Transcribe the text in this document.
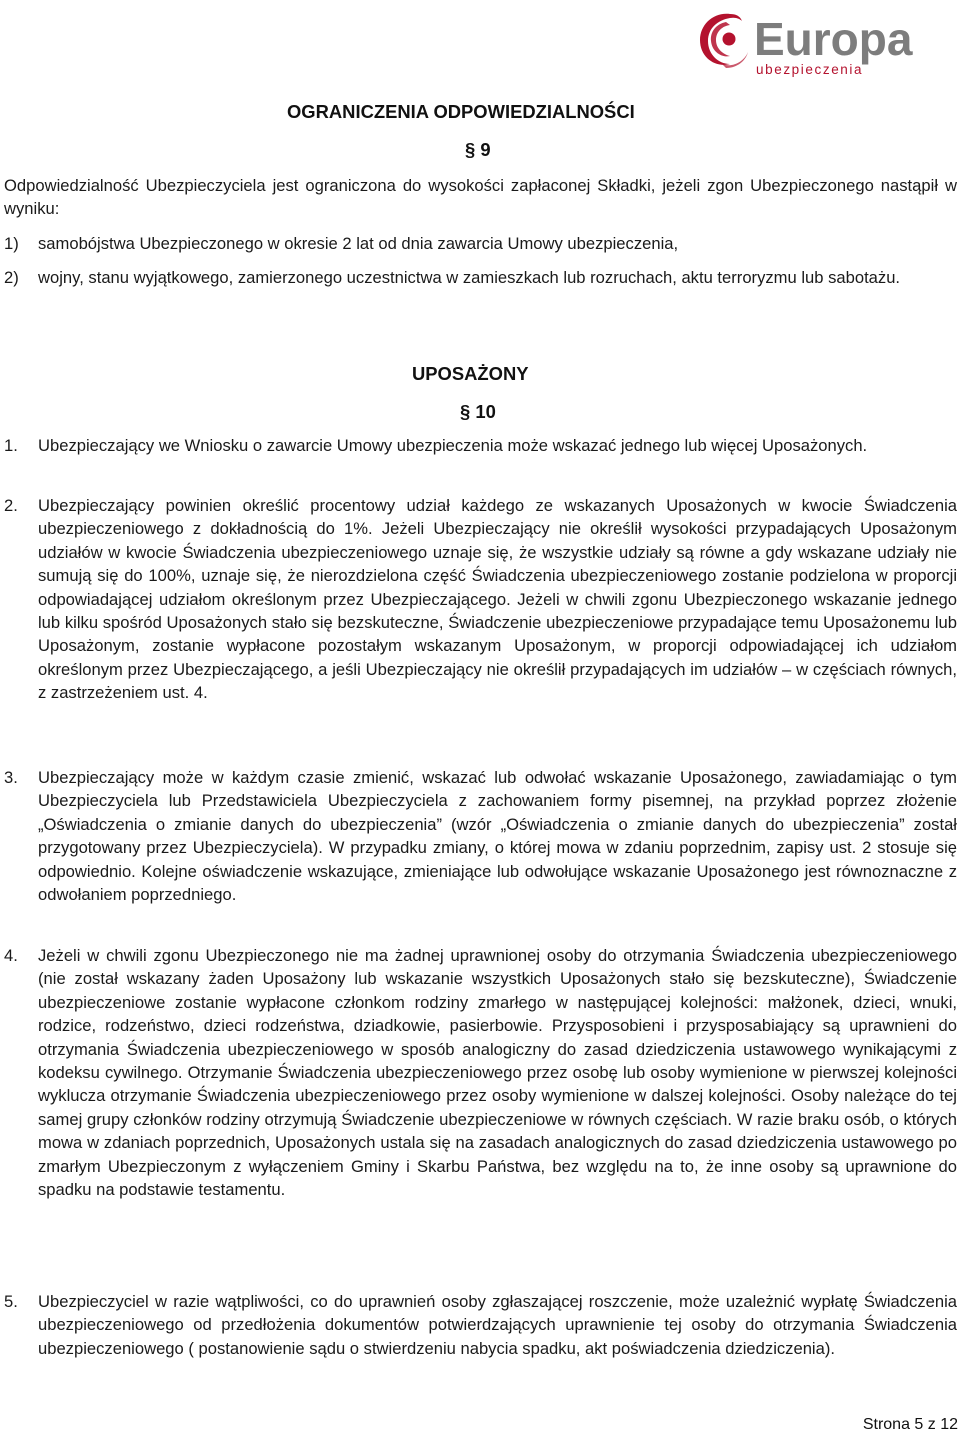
Europa
ubezpieczenia
OGRANICZENIA ODPOWIEDZIALNOŚCI
§ 9
Odpowiedzialność Ubezpieczyciela jest ograniczona do wysokości zapłaconej Składki, jeżeli zgon Ubezpieczonego nastąpił w wyniku:
1) samobójstwa Ubezpieczonego w okresie 2 lat od dnia zawarcia Umowy ubezpieczenia,
2) wojny, stanu wyjątkowego, zamierzonego uczestnictwa w zamieszkach lub rozruchach, aktu terroryzmu lub sabotażu.
UPOSAŻONY
§ 10
1. Ubezpieczający we Wniosku o zawarcie Umowy ubezpieczenia może wskazać jednego lub więcej Uposażonych.
2. Ubezpieczający powinien określić procentowy udział każdego ze wskazanych Uposażonych w kwocie Świadczenia ubezpieczeniowego z dokładnością do 1%. Jeżeli Ubezpieczający nie określił wysokości przypadających Uposażonym udziałów w kwocie Świadczenia ubezpieczeniowego uznaje się, że wszystkie udziały są równe a gdy wskazane udziały nie sumują się do 100%, uznaje się, że nierozdzielona część Świadczenia ubezpieczeniowego zostanie podzielona w proporcji odpowiadającej udziałom określonym przez Ubezpieczającego. Jeżeli w chwili zgonu Ubezpieczonego wskazanie jednego lub kilku spośród Uposażonych stało się bezskuteczne, Świadczenie ubezpieczeniowe przypadające temu Uposażonemu lub Uposażonym, zostanie wypłacone pozostałym wskazanym Uposażonym, w proporcji odpowiadającej ich udziałom określonym przez Ubezpieczającego, a jeśli Ubezpieczający nie określił przypadających im udziałów – w częściach równych, z zastrzeżeniem ust. 4.
3. Ubezpieczający może w każdym czasie zmienić, wskazać lub odwołać wskazanie Uposażonego, zawiadamiając o tym Ubezpieczyciela lub Przedstawiciela Ubezpieczyciela z zachowaniem formy pisemnej, na przykład poprzez złożenie „Oświadczenia o zmianie danych do ubezpieczenia” (wzór „Oświadczenia o zmianie danych do ubezpieczenia” został przygotowany przez Ubezpieczyciela). W przypadku zmiany, o której mowa w zdaniu poprzednim, zapisy ust. 2 stosuje się odpowiednio. Kolejne oświadczenie wskazujące, zmieniające lub odwołujące wskazanie Uposażonego jest równoznaczne z odwołaniem poprzedniego.
4. Jeżeli w chwili zgonu Ubezpieczonego nie ma żadnej uprawnionej osoby do otrzymania Świadczenia ubezpieczeniowego (nie został wskazany żaden Uposażony lub wskazanie wszystkich Uposażonych stało się bezskuteczne), Świadczenie ubezpieczeniowe zostanie wypłacone członkom rodziny zmarłego w następującej kolejności: małżonek, dzieci, wnuki, rodzice, rodzeństwo, dzieci rodzeństwa, dziadkowie, pasierbowie. Przysposobieni i przysposabiający są uprawnieni do otrzymania Świadczenia ubezpieczeniowego w sposób analogiczny do zasad dziedziczenia ustawowego wynikającymi z kodeksu cywilnego. Otrzymanie Świadczenia ubezpieczeniowego przez osobę lub osoby wymienione w pierwszej kolejności wyklucza otrzymanie Świadczenia ubezpieczeniowego przez osoby wymienione w dalszej kolejności. Osoby należące do tej samej grupy członków rodziny otrzymują Świadczenie ubezpieczeniowe w równych częściach. W razie braku osób, o których mowa w zdaniach poprzednich, Uposażonych ustala się na zasadach analogicznych do zasad dziedziczenia ustawowego po zmarłym Ubezpieczonym z wyłączeniem Gminy i Skarbu Państwa, bez względu na to, że inne osoby są uprawnione do spadku na podstawie testamentu.
5. Ubezpieczyciel w razie wątpliwości, co do uprawnień osoby zgłaszającej roszczenie, może uzależnić wypłatę Świadczenia ubezpieczeniowego od przedłożenia dokumentów potwierdzających uprawnienie tej osoby do otrzymania Świadczenia ubezpieczeniowego ( postanowienie sądu o stwierdzeniu nabycia spadku, akt poświadczenia dziedziczenia).
Strona 5 z 12
